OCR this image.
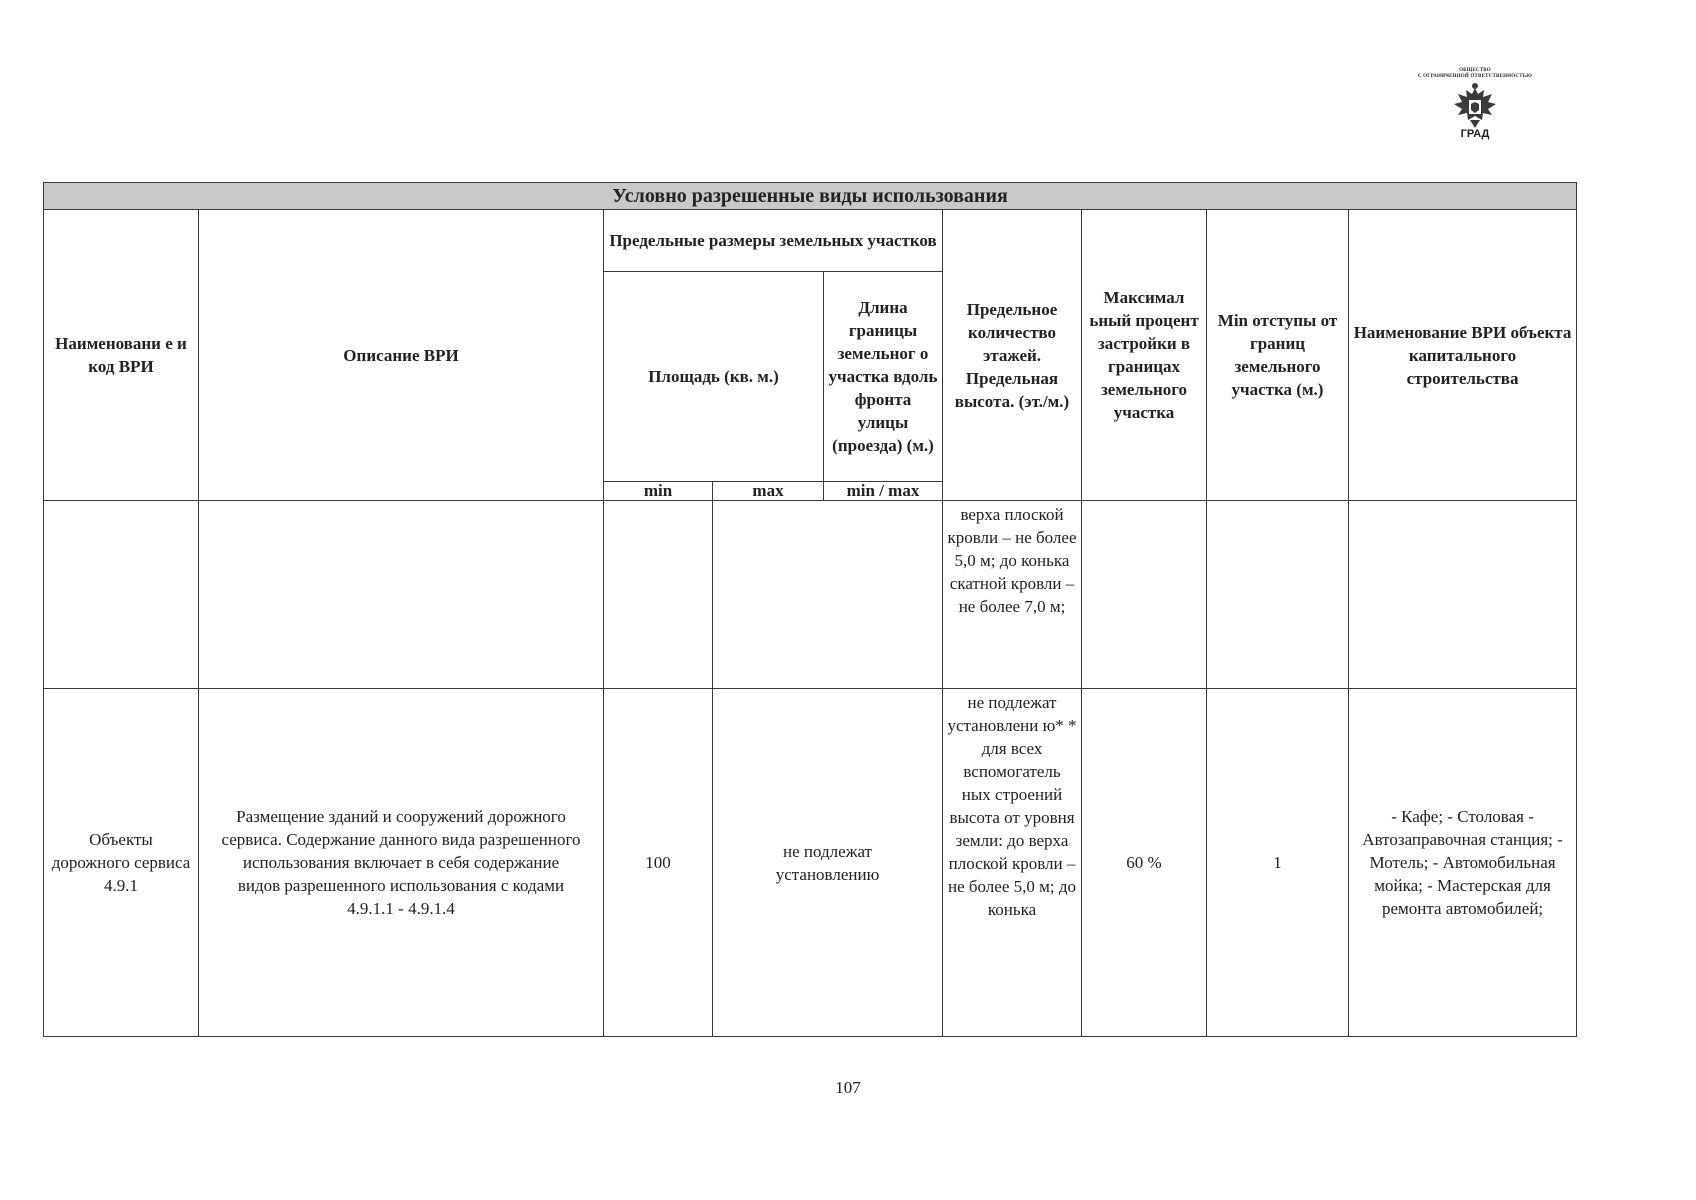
ОБЩЕСТВО
С ОГРАНИЧЕННОЙ ОТВЕТСТВЕННОСТЬЮ
ГРАД
Условно разрешенные виды использования								
Наименовани е и код ВРИ	Описание ВРИ	Предельные размеры земельных участков			Предельное количество этажей. Предельная высота. (эт./м.)	Максимал ьный процент застройки в границах земельного участка	Min отступы от границ земельного участка (м.)	Наименование ВРИ объекта капитального строительства
		Площадь (кв. м.)		Длина границы земельног о участка вдоль фронта улицы (проезда) (м.)				
		min	max	min / max				
					верха плоской кровли – не более 5,0 м; до конька скатной кровли – не более 7,0 м;			
Объекты дорожного сервиса 4.9.1	Размещение зданий и сооружений дорожного сервиса. Содержание данного вида разрешенного использования включает в себя содержание видов разрешенного использования с кодами 4.9.1.1 - 4.9.1.4	100	не подлежат установлению		не подлежат установлени ю* * для всех вспомогатель ных строений высота от уровня земли: до верха плоской кровли – не более 5,0 м; до конька	60 %	1	- Кафе; - Столовая - Автозаправочная станция; - Мотель; - Автомобильная мойка; - Мастерская для ремонта автомобилей;
107
